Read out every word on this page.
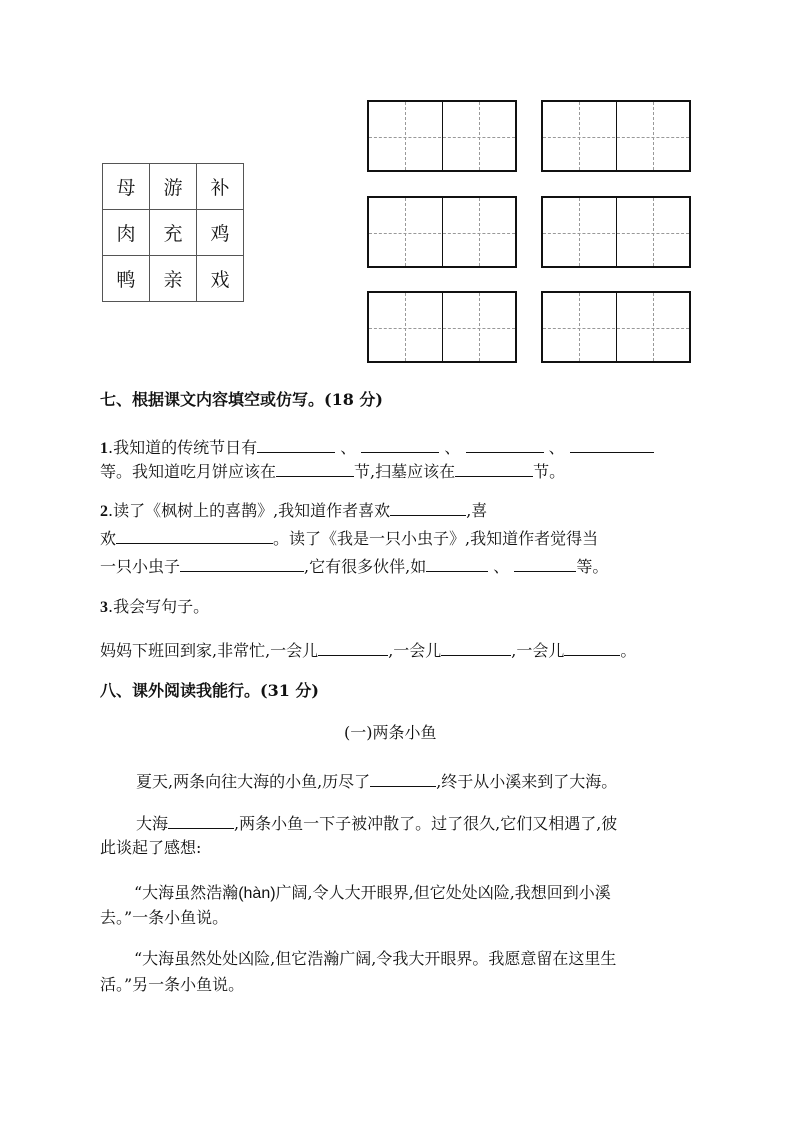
母	游	补
肉	充	鸡
鸭	亲	戏
七、根据课文内容填空或仿写。(18 分)
1.我知道的传统节日有	、	、	、
等。我知道吃月饼应该在	节,扫墓应该在	节。
2.读了《枫树上的喜鹊》,我知道作者喜欢	,喜
欢	。读了《我是一只小虫子》,我知道作者觉得当
一只小虫子	,它有很多伙伴,如	、	等。
3.我会写句子。
妈妈下班回到家,非常忙,一会儿	,一会儿	,一会儿	。
八、课外阅读我能行。(31 分)
(一)两条小鱼
夏天,两条向往大海的小鱼,历尽了	,终于从小溪来到了大海。
大海	,两条小鱼一下子被冲散了。过了很久,它们又相遇了,彼
此谈起了感想:
“大海虽然浩瀚(hàn)广阔,令人大开眼界,但它处处凶险,我想回到小溪
去。”一条小鱼说。
“大海虽然处处凶险,但它浩瀚广阔,令我大开眼界。我愿意留在这里生
活。”另一条小鱼说。
